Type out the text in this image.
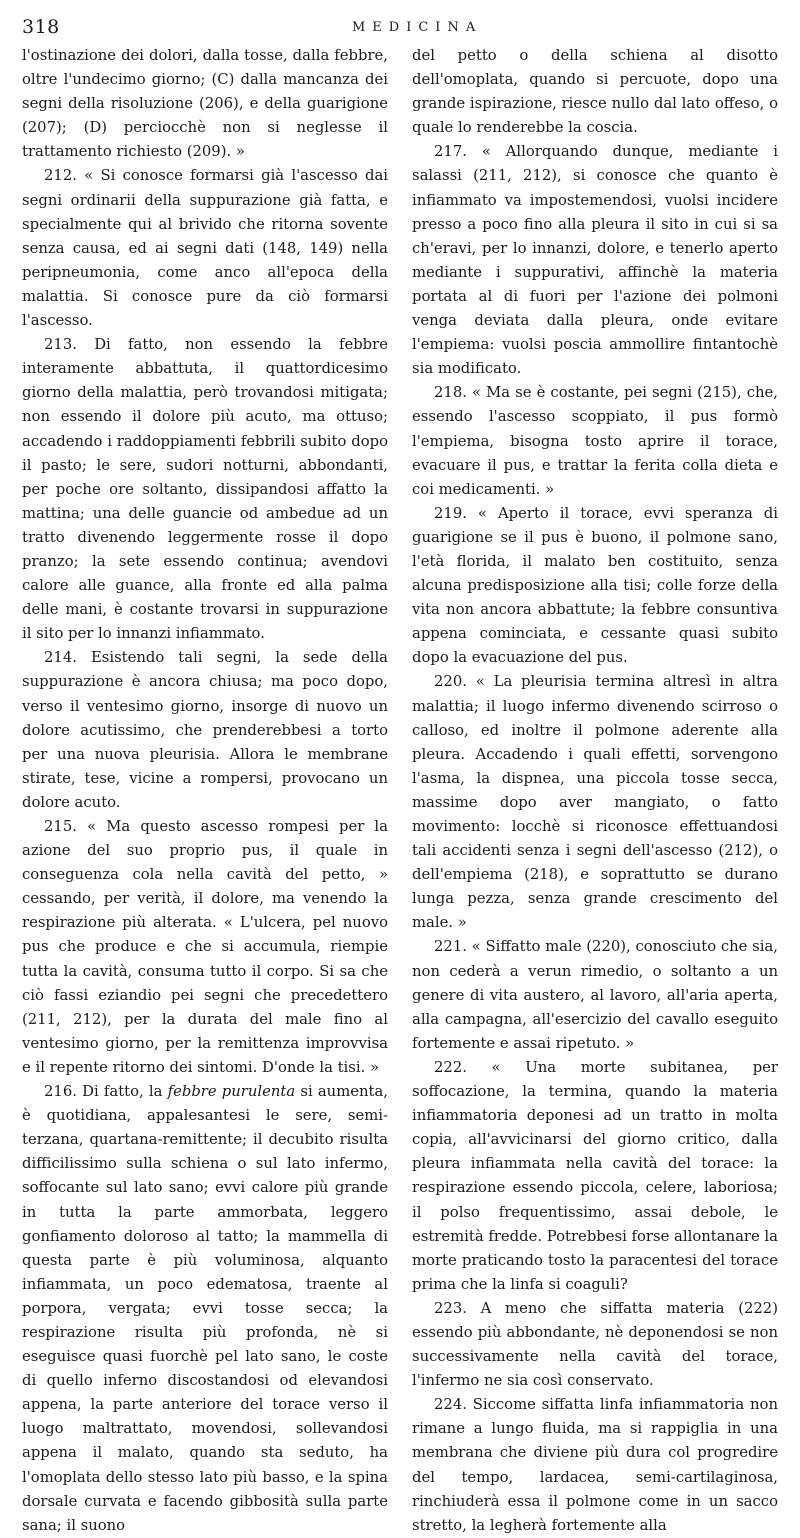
318	MEDICINA

l'ostinazione dei dolori, dalla tosse, dalla febbre, oltre l'undecimo giorno; (C) dalla mancanza dei segni della risoluzione (206), e della guarigione (207); (D) perciocchè non si neglesse il trattamento richiesto (209). »

212. « Si conosce formarsi già l'ascesso dai segni ordinarii della suppurazione già fatta, e specialmente qui al brivido che ritorna sovente senza causa, ed ai segni dati (148, 149) nella peripneumonia, come anco all'epoca della malattia. Si conosce pure da ciò formarsi l'ascesso.

213. Di fatto, non essendo la febbre interamente abbattuta, il quattordicesimo giorno della malattia, però trovandosi mitigata; non essendo il dolore più acuto, ma ottuso; accadendo i raddoppiamenti febbrili subito dopo il pasto; le sere, sudori notturni, abbondanti, per poche ore soltanto, dissipandosi affatto la mattina; una delle guancie od ambedue ad un tratto divenendo leggermente rosse il dopo pranzo; la sete essendo continua; avendovi calore alle guance, alla fronte ed alla palma delle mani, è costante trovarsi in suppurazione il sito per lo innanzi infiammato.

214. Esistendo tali segni, la sede della suppurazione è ancora chiusa; ma poco dopo, verso il ventesimo giorno, insorge di nuovo un dolore acutissimo, che prenderebbesi a torto per una nuova pleurisia. Allora le membrane stirate, tese, vicine a rompersi, provocano un dolore acuto.

215. « Ma questo ascesso rompesi per la azione del suo proprio pus, il quale in conseguenza cola nella cavità del petto, » cessando, per verità, il dolore, ma venendo la respirazione più alterata. « L'ulcera, pel nuovo pus che produce e che si accumula, riempie tutta la cavità, consuma tutto il corpo. Si sa che ciò fassi eziandio pei segni che precedettero (211, 212), per la durata del male fino al ventesimo giorno, per la remittenza improvvisa e il repente ritorno dei sintomi. D'onde la tisi. »

216. Di fatto, la febbre purulenta si aumenta, è quotidiana, appalesantesi le sere, semi-terzana, quartana-remittente; il decubito risulta difficilissimo sulla schiena o sul lato infermo, soffocante sul lato sano; evvi calore più grande in tutta la parte ammorbata, leggero gonfiamento doloroso al tatto; la mammella di questa parte è più voluminosa, alquanto infiammata, un poco edematosa, traente al porpora, vergata; evvi tosse secca; la respirazione risulta più profonda, nè si eseguisce quasi fuorchè pel lato sano, le coste di quello inferno discostandosi od elevandosi appena, la parte anteriore del torace verso il luogo maltrattato, movendosi, sollevandosi appena il malato, quando sta seduto, ha l'omoplata dello stesso lato più basso, e la spina dorsale curvata e facendo gibbosità sulla parte sana; il suono

del petto o della schiena al disotto dell'omoplata, quando si percuote, dopo una grande ispirazione, riesce nullo dal lato offeso, o quale lo renderebbe la coscia.

217. « Allorquando dunque, mediante i salassi (211, 212), si conosce che quanto è infiammato va impostemendosi, vuolsi incidere presso a poco fino alla pleura il sito in cui si sa ch'eravi, per lo innanzi, dolore, e tenerlo aperto mediante i suppurativi, affinchè la materia portata al di fuori per l'azione dei polmoni venga deviata dalla pleura, onde evitare l'empiema: vuolsi poscia ammollire fintantochè sia modificato.

218. « Ma se è costante, pei segni (215), che, essendo l'ascesso scoppiato, il pus formò l'empiema, bisogna tosto aprire il torace, evacuare il pus, e trattar la ferita colla dieta e coi medicamenti. »

219. « Aperto il torace, evvi speranza di guarigione se il pus è buono, il polmone sano, l'età florida, il malato ben costituito, senza alcuna predisposizione alla tisi; colle forze della vita non ancora abbattute; la febbre consuntiva appena cominciata, e cessante quasi subito dopo la evacuazione del pus.

220. « La pleurisia termina altresì in altra malattia; il luogo infermo divenendo scirroso o calloso, ed inoltre il polmone aderente alla pleura. Accadendo i quali effetti, sorvengono l'asma, la dispnea, una piccola tosse secca, massime dopo aver mangiato, o fatto movimento: locchè si riconosce effettuandosi tali accidenti senza i segni dell'ascesso (212), o dell'empiema (218), e soprattutto se durano lunga pezza, senza grande crescimento del male. »

221. « Siffatto male (220), conosciuto che sia, non cederà a verun rimedio, o soltanto a un genere di vita austero, al lavoro, all'aria aperta, alla campagna, all'esercizio del cavallo eseguito fortemente e assai ripetuto. »

222. « Una morte subitanea, per soffocazione, la termina, quando la materia infiammatoria deponesi ad un tratto in molta copia, all'avvicinarsi del giorno critico, dalla pleura infiammata nella cavità del torace: la respirazione essendo piccola, celere, laboriosa; il polso frequentissimo, assai debole, le estremità fredde. Potrebbesi forse allontanare la morte praticando tosto la paracentesi del torace prima che la linfa si coaguli?

223. A meno che siffatta materia (222) essendo più abbondante, nè deponendosi se non successivamente nella cavità del torace, l'infermo ne sia così conservato.

224. Siccome siffatta linfa infiammatoria non rimane a lungo fluida, ma si rappiglia in una membrana che diviene più dura col progredire del tempo, lardacea, semi-cartilaginosa, rinchiuderà essa il polmone come in un sacco stretto, la legherà fortemente alla
